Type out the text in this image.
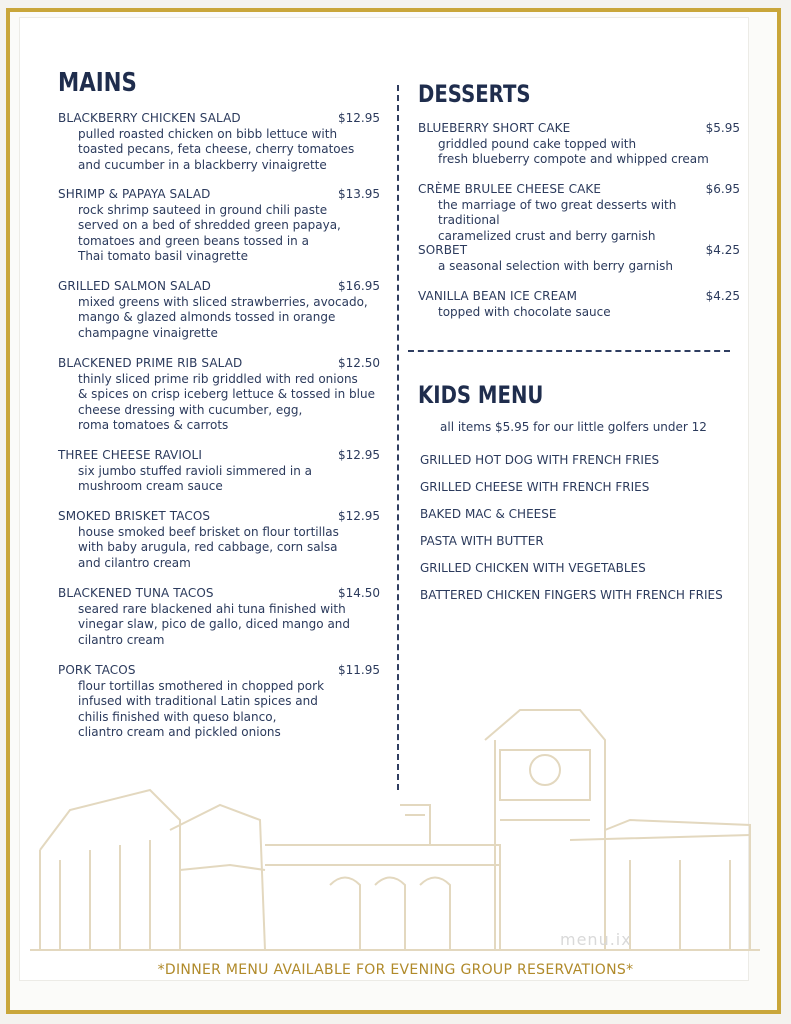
MAINS
BLACKBERRY CHICKEN SALAD	$12.95
pulled roasted chicken on bibb lettuce with
toasted pecans, feta cheese, cherry tomatoes
and cucumber in a blackberry vinaigrette
SHRIMP & PAPAYA SALAD	$13.95
rock shrimp sauteed in ground chili paste
served on a bed of shredded green papaya,
tomatoes and green beans tossed in a
Thai tomato basil vinagrette
GRILLED SALMON SALAD	$16.95
mixed greens with sliced strawberries, avocado,
mango & glazed almonds tossed in orange
champagne vinaigrette
BLACKENED PRIME RIB SALAD	$12.50
thinly sliced prime rib griddled with red onions
& spices on crisp iceberg lettuce & tossed in blue
cheese dressing with cucumber, egg,
roma tomatoes & carrots
THREE CHEESE RAVIOLI	$12.95
six jumbo stuffed ravioli simmered in a
mushroom cream sauce
SMOKED BRISKET TACOS	$12.95
house smoked beef brisket on flour tortillas
with baby arugula, red cabbage, corn salsa
and cilantro cream
BLACKENED TUNA TACOS	$14.50
seared rare blackened ahi tuna finished with
vinegar slaw, pico de gallo, diced mango and
cilantro cream
PORK TACOS	$11.95
flour tortillas smothered in chopped pork
infused with traditional Latin spices and
chilis finished with queso blanco,
cliantro cream and pickled onions
DESSERTS
BLUEBERRY SHORT CAKE	$5.95
griddled pound cake topped with
fresh blueberry compote and whipped cream
CRÈME BRULEE CHEESE CAKE	$6.95
the marriage of two great desserts with traditional
caramelized crust and berry garnish
SORBET	$4.25
a seasonal selection with berry garnish
VANILLA BEAN ICE CREAM	$4.25
topped with chocolate sauce
KIDS MENU
all items $5.95 for our little golfers under 12
GRILLED HOT DOG WITH FRENCH FRIES
GRILLED CHEESE WITH FRENCH FRIES
BAKED MAC & CHEESE
PASTA WITH BUTTER
GRILLED CHICKEN WITH VEGETABLES
BATTERED CHICKEN FINGERS WITH FRENCH FRIES
menu.ix
*DINNER MENU AVAILABLE FOR EVENING GROUP RESERVATIONS*
